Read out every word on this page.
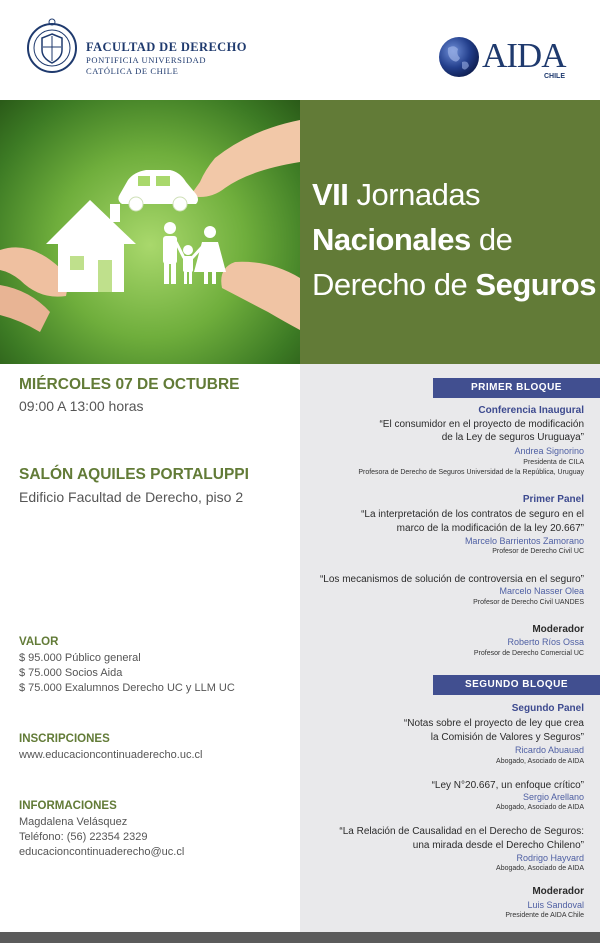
FACULTAD DE DERECHO
PONTIFICIA UNIVERSIDAD
CATÓLICA DE CHILE	AIDA
CHILE
VII Jornadas
Nacionales de
Derecho de Seguros
MIÉRCOLES 07 DE OCTUBRE
09:00 A 13:00 horas
SALÓN AQUILES PORTALUPPI
Edificio Facultad de Derecho, piso 2
VALOR
$ 95.000 Público general
$ 75.000 Socios Aida
$ 75.000 Exalumnos Derecho UC y LLM UC
INSCRIPCIONES
www.educacioncontinuaderecho.uc.cl
INFORMACIONES
Magdalena Velásquez
Teléfono: (56) 22354 2329
educacioncontinuaderecho@uc.cl
PRIMER BLOQUE
Conferencia Inaugural
“El consumidor en el proyecto de modificación
de la Ley de seguros Uruguaya”
Andrea Signorino
Presidenta de CILA
Profesora de Derecho de Seguros Universidad de la República, Uruguay
Primer Panel
“La interpretación de los contratos de seguro en el
marco de la modificación de la ley 20.667”
Marcelo Barrientos Zamorano
Profesor de Derecho Civil UC
“Los mecanismos de solución de controversia en el seguro”
Marcelo Nasser Olea
Profesor de Derecho Civil UANDES
Moderador
Roberto Ríos Ossa
Profesor de Derecho Comercial UC
SEGUNDO BLOQUE
Segundo Panel
“Notas sobre el proyecto de ley que crea
la Comisión de Valores y Seguros”
Ricardo Abuauad
Abogado, Asociado de AIDA
“Ley N°20.667, un enfoque crítico”
Sergio Arellano
Abogado, Asociado de AIDA
“La Relación de Causalidad en el Derecho de Seguros:
una mirada desde el Derecho Chileno”
Rodrigo Hayvard
Abogado, Asociado de AIDA
Moderador
Luis Sandoval
Presidente de AIDA Chile
